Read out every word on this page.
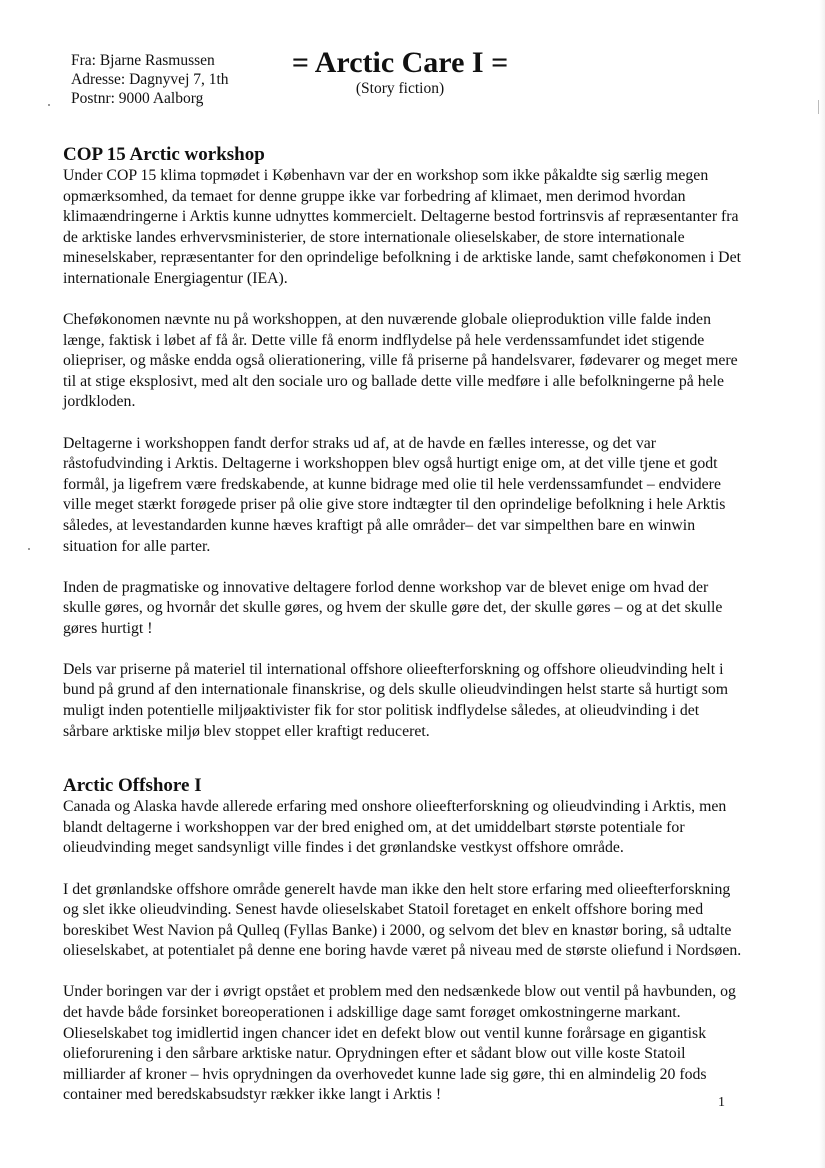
Fra: Bjarne Rasmussen
Adresse: Dagnyvej 7, 1th
Postnr: 9000 Aalborg
= Arctic Care I =
(Story fiction)
COP 15 Arctic workshop

Under COP 15 klima topmødet i København var der en workshop som ikke påkaldte sig særlig megen opmærksomhed, da temaet for denne gruppe ikke var forbedring af klimaet, men derimod hvordan klimaændringerne i Arktis kunne udnyttes kommercielt. Deltagerne bestod fortrinsvis af repræsentanter fra de arktiske landes erhvervsministerier, de store internationale olieselskaber, de store internationale mineselskaber, repræsentanter for den oprindelige befolkning i de arktiske lande, samt cheføkonomen i Det internationale Energiagentur (IEA).

Cheføkonomen nævnte nu på workshoppen, at den nuværende globale olieproduktion ville falde inden længe, faktisk i løbet af få år. Dette ville få enorm indflydelse på hele verdenssamfundet idet stigende oliepriser, og måske endda også olierationering, ville få priserne på handelsvarer, fødevarer og meget mere til at stige eksplosivt, med alt den sociale uro og ballade dette ville medføre i alle befolkningerne på hele jordkloden.

Deltagerne i workshoppen fandt derfor straks ud af, at de havde en fælles interesse, og det var råstofudvinding i Arktis. Deltagerne i workshoppen blev også hurtigt enige om, at det ville tjene et godt formål, ja ligefrem være fredskabende, at kunne bidrage med olie til hele verdenssamfundet – endvidere ville meget stærkt forøgede priser på olie give store indtægter til den oprindelige befolkning i hele Arktis således, at levestandarden kunne hæves kraftigt på alle områder– det var simpelthen bare en winwin situation for alle parter.

Inden de pragmatiske og innovative deltagere forlod denne workshop var de blevet enige om hvad der skulle gøres, og hvornår det skulle gøres, og hvem der skulle gøre det, der skulle gøres – og at det skulle gøres hurtigt !

Dels var priserne på materiel til international offshore olieefterforskning og offshore olieudvinding helt i bund på grund af den internationale finanskrise, og dels skulle olieudvindingen helst starte så hurtigt som muligt inden potentielle miljøaktivister fik for stor politisk indflydelse således, at olieudvinding i det sårbare arktiske miljø blev stoppet eller kraftigt reduceret.

Arctic Offshore I

Canada og Alaska havde allerede erfaring med onshore olieefterforskning og olieudvinding i Arktis, men blandt deltagerne i workshoppen var der bred enighed om, at det umiddelbart største potentiale for olieudvinding meget sandsynligt ville findes i det grønlandske vestkyst offshore område.

I det grønlandske offshore område generelt havde man ikke den helt store erfaring med olieefterforskning og slet ikke olieudvinding. Senest havde olieselskabet Statoil foretaget en enkelt offshore boring med boreskibet West Navion på Qulleq (Fyllas Banke) i 2000, og selvom det blev en knastør boring, så udtalte olieselskabet, at potentialet på denne ene boring havde været på niveau med de største oliefund i Nordsøen.

Under boringen var der i øvrigt opstået et problem med den nedsænkede blow out ventil på havbunden, og det havde både forsinket boreoperationen i adskillige dage samt forøget omkostningerne markant. Olieselskabet tog imidlertid ingen chancer idet en defekt blow out ventil kunne forårsage en gigantisk olieforurening i den sårbare arktiske natur. Oprydningen efter et sådant blow out ville koste Statoil milliarder af kroner – hvis oprydningen da overhovedet kunne lade sig gøre, thi en almindelig 20 fods container med beredskabsudstyr rækker ikke langt i Arktis !	1
